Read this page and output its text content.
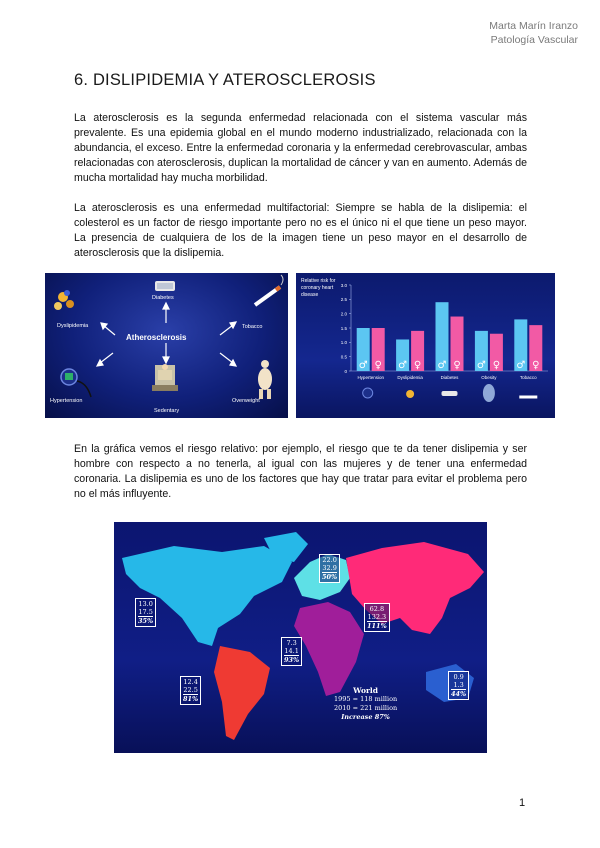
Marta Marín Iranzo
Patología Vascular
6. DISLIPIDEMIA Y ATEROSCLEROSIS
La aterosclerosis es la segunda enfermedad relacionada con el sistema vascular más prevalente. Es una epidemia global en el mundo moderno industrializado, relacionada con la abundancia, el exceso. Entre la enfermedad coronaria y la enfermedad cerebrovascular, ambas relacionadas con aterosclerosis, duplican la mortalidad de cáncer y van en aumento. Además de mucha mortalidad hay mucha morbilidad.
La aterosclerosis es una enfermedad multifactorial: Siempre se habla de la dislipemia: el colesterol es un factor de riesgo importante pero no es el único ni el que tiene un peso mayor. La presencia de cualquiera de los de la imagen tiene un peso mayor en el desarrollo de aterosclerosis que la dislipemia.
Atherosclerosis
Diabetes
Dyslipidemia	Tobacco
Hypertension
Sedentary
Overweight
0
0.5
1.0
1.5
2.0
2.5
3.0
♂ ♀
Hypertension
♂ ♀
Dyslipidemia
♂ ♀
Diabetes
♂ ♀
Obesity
♂ ♀
Tobacco
Relative risk for coronary heart disease
En la gráfica vemos el riesgo relativo: por ejemplo, el riesgo que te da tener dislipemia y ser hombre con respecto a no tenerla, al igual con las mujeres y de tener una enfermedad coronaria. La dislipemia es uno de los factores que hay que tratar para evitar el problema pero no el más influyente.
13.0
17.5
35%
22.0
32.9
50%
62.8
132.3
111%
7.3
14.1
93%
12.4
22.5
81%
0.9
1.3
44%
World
1995 = 118 million
2010 = 221 million
Increase 87%
1
